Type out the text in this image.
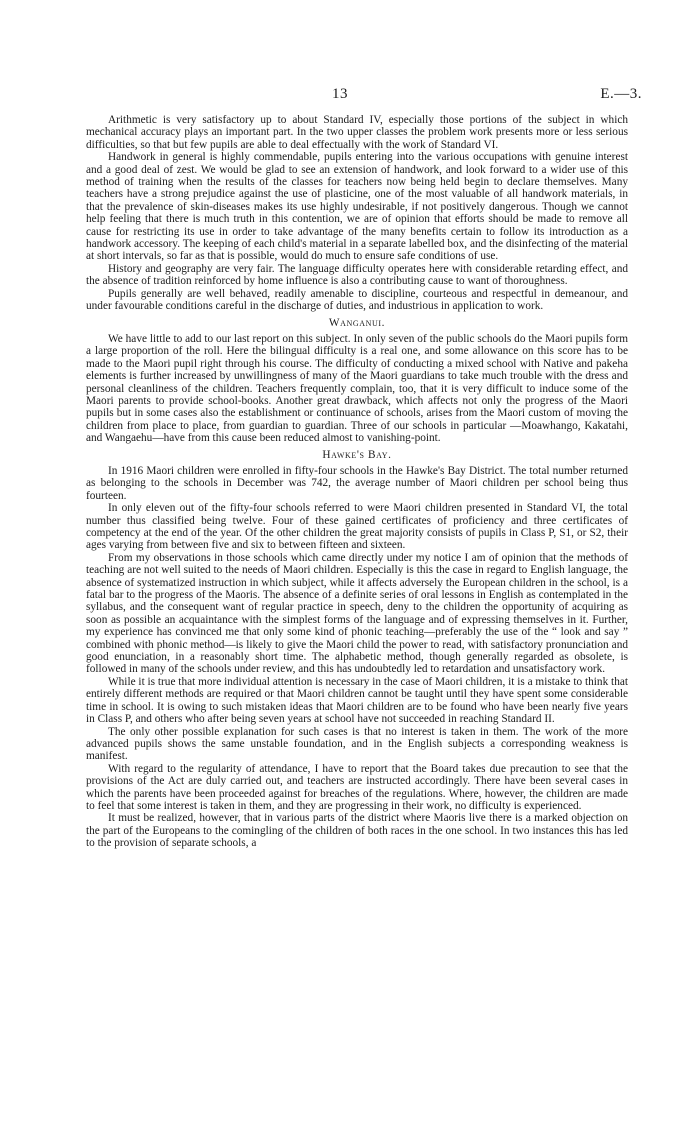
13	E.—3.

Arithmetic is very satisfactory up to about Standard IV, especially those portions of the subject in which mechanical accuracy plays an important part. In the two upper classes the problem work presents more or less serious difficulties, so that but few pupils are able to deal effectually with the work of Standard VI.

Handwork in general is highly commendable, pupils entering into the various occupations with genuine interest and a good deal of zest. We would be glad to see an extension of handwork, and look forward to a wider use of this method of training when the results of the classes for teachers now being held begin to declare themselves. Many teachers have a strong prejudice against the use of plasticine, one of the most valuable of all handwork materials, in that the prevalence of skin-diseases makes its use highly undesirable, if not positively dangerous. Though we cannot help feeling that there is much truth in this contention, we are of opinion that efforts should be made to remove all cause for restricting its use in order to take advantage of the many benefits certain to follow its introduction as a handwork accessory. The keeping of each child's material in a separate labelled box, and the disinfecting of the material at short intervals, so far as that is possible, would do much to ensure safe conditions of use.

History and geography are very fair. The language difficulty operates here with considerable retarding effect, and the absence of tradition reinforced by home influence is also a contributing cause to want of thoroughness.

Pupils generally are well behaved, readily amenable to discipline, courteous and respectful in demeanour, and under favourable conditions careful in the discharge of duties, and industrious in application to work.

Wanganui.

We have little to add to our last report on this subject. In only seven of the public schools do the Maori pupils form a large proportion of the roll. Here the bilingual difficulty is a real one, and some allowance on this score has to be made to the Maori pupil right through his course. The difficulty of conducting a mixed school with Native and pakeha elements is further increased by unwillingness of many of the Maori guardians to take much trouble with the dress and personal cleanliness of the children. Teachers frequently complain, too, that it is very difficult to induce some of the Maori parents to provide school-books. Another great drawback, which affects not only the progress of the Maori pupils but in some cases also the establishment or continuance of schools, arises from the Maori custom of moving the children from place to place, from guardian to guardian. Three of our schools in particular —Moawhango, Kakatahi, and Wangaehu—have from this cause been reduced almost to vanishing-point.

Hawke's Bay.

In 1916 Maori children were enrolled in fifty-four schools in the Hawke's Bay District. The total number returned as belonging to the schools in December was 742, the average number of Maori children per school being thus fourteen.

In only eleven out of the fifty-four schools referred to were Maori children presented in Standard VI, the total number thus classified being twelve. Four of these gained certificates of proficiency and three certificates of competency at the end of the year. Of the other children the great majority consists of pupils in Class P, S1, or S2, their ages varying from between five and six to between fifteen and sixteen.

From my observations in those schools which came directly under my notice I am of opinion that the methods of teaching are not well suited to the needs of Maori children. Especially is this the case in regard to English language, the absence of systematized instruction in which subject, while it affects adversely the European children in the school, is a fatal bar to the progress of the Maoris. The absence of a definite series of oral lessons in English as contemplated in the syllabus, and the consequent want of regular practice in speech, deny to the children the opportunity of acquiring as soon as possible an acquaintance with the simplest forms of the language and of expressing themselves in it. Further, my experience has convinced me that only some kind of phonic teaching—preferably the use of the “ look and say ” combined with phonic method—is likely to give the Maori child the power to read, with satisfactory pronunciation and good enunciation, in a reasonably short time. The alphabetic method, though generally regarded as obsolete, is followed in many of the schools under review, and this has undoubtedly led to retardation and unsatisfactory work.

While it is true that more individual attention is necessary in the case of Maori children, it is a mistake to think that entirely different methods are required or that Maori children cannot be taught until they have spent some considerable time in school. It is owing to such mistaken ideas that Maori children are to be found who have been nearly five years in Class P, and others who after being seven years at school have not succeeded in reaching Standard II.

The only other possible explanation for such cases is that no interest is taken in them. The work of the more advanced pupils shows the same unstable foundation, and in the English subjects a corresponding weakness is manifest.

With regard to the regularity of attendance, I have to report that the Board takes due precaution to see that the provisions of the Act are duly carried out, and teachers are instructed accordingly. There have been several cases in which the parents have been proceeded against for breaches of the regulations. Where, however, the children are made to feel that some interest is taken in them, and they are progressing in their work, no difficulty is experienced.

It must be realized, however, that in various parts of the district where Maoris live there is a marked objection on the part of the Europeans to the comingling of the children of both races in the one school. In two instances this has led to the provision of separate schools, a
